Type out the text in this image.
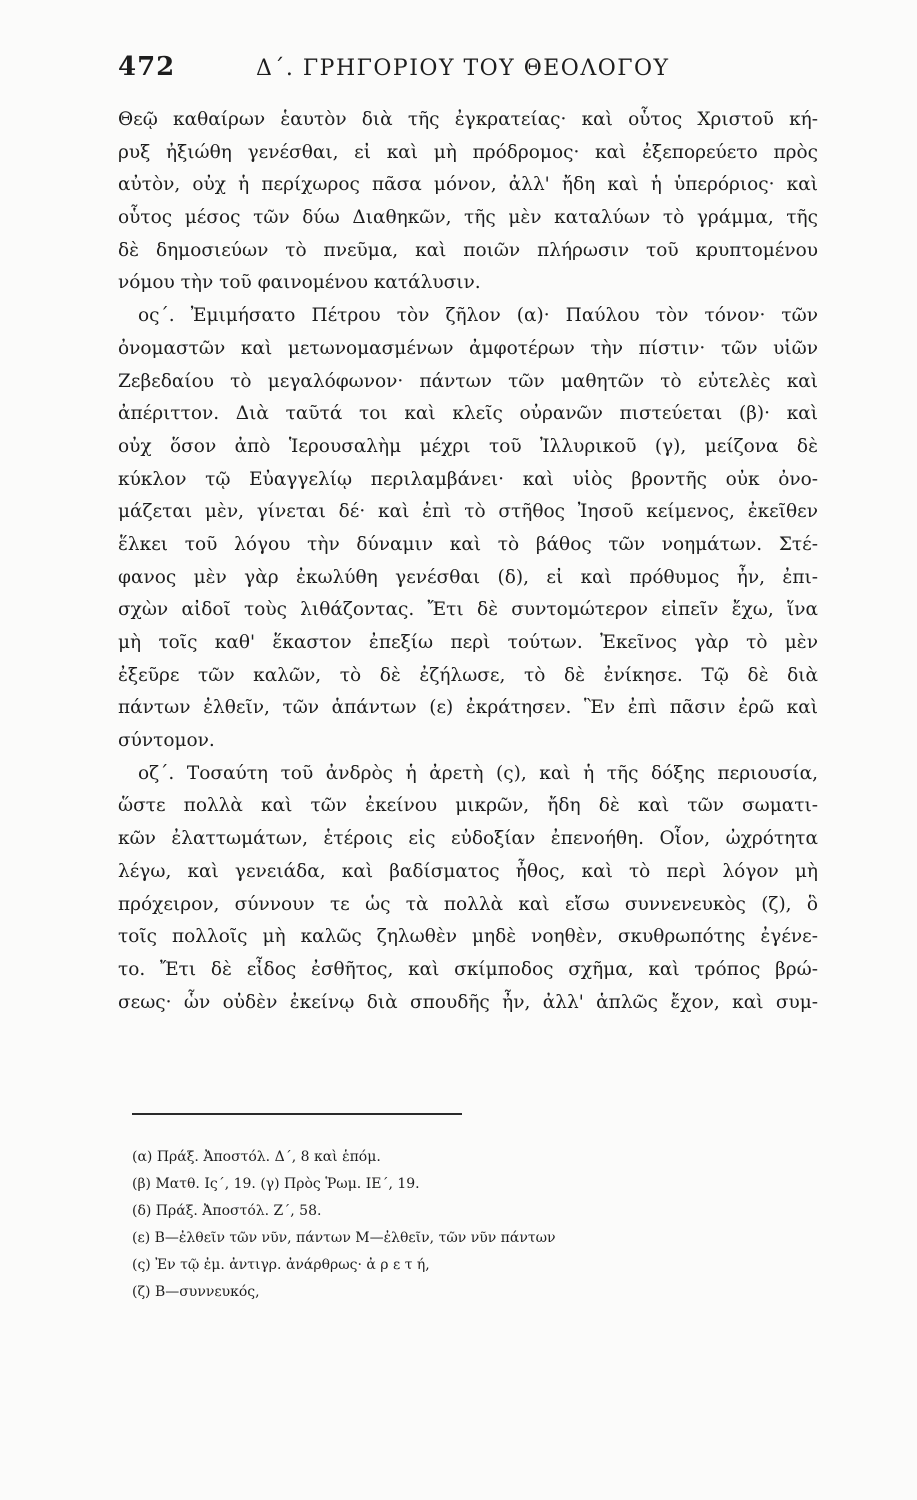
472	Δ΄. ΓΡΗΓΟΡΙΟΥ ΤΟΥ ΘΕΟΛΟΓΟΥ
Θεῷ καθαίρων ἑαυτὸν διὰ τῆς ἐγκρατείας· καὶ οὗτος Χριστοῦ κή-
ρυξ ἠξιώθη γενέσθαι, εἰ καὶ μὴ πρόδρομος· καὶ ἐξεπορεύετο πρὸς
αὐτὸν, οὐχ ἡ περίχωρος πᾶσα μόνον, ἀλλ' ἤδη καὶ ἡ ὑπερόριος· καὶ
οὗτος μέσος τῶν δύω Διαθηκῶν, τῆς μὲν καταλύων τὸ γράμμα, τῆς
δὲ δημοσιεύων τὸ πνεῦμα, καὶ ποιῶν πλήρωσιν τοῦ κρυπτομένου
νόμου τὴν τοῦ φαινομένου κατάλυσιν.
ος΄. Ἐμιμήσατο Πέτρου τὸν ζῆλον (α)· Παύλου τὸν τόνον· τῶν
ὀνομαστῶν καὶ μετωνομασμένων ἀμφοτέρων τὴν πίστιν· τῶν υἱῶν
Ζεβεδαίου τὸ μεγαλόφωνον· πάντων τῶν μαθητῶν τὸ εὐτελὲς καὶ
ἀπέριττον. Διὰ ταῦτά τοι καὶ κλεῖς οὐρανῶν πιστεύεται (β)· καὶ
οὐχ ὅσον ἀπὸ Ἱερουσαλὴμ μέχρι τοῦ Ἰλλυρικοῦ (γ), μείζονα δὲ
κύκλον τῷ Εὐαγγελίῳ περιλαμβάνει· καὶ υἱὸς βροντῆς οὐκ ὀνο-
μάζεται μὲν, γίνεται δέ· καὶ ἐπὶ τὸ στῆθος Ἰησοῦ κείμενος, ἐκεῖθεν
ἕλκει τοῦ λόγου τὴν δύναμιν καὶ τὸ βάθος τῶν νοημάτων. Στέ-
φανος μὲν γὰρ ἐκωλύθη γενέσθαι (δ), εἰ καὶ πρόθυμος ἦν, ἐπι-
σχὼν αἰδοῖ τοὺς λιθάζοντας. Ἔτι δὲ συντομώτερον εἰπεῖν ἔχω, ἵνα
μὴ τοῖς καθ' ἕκαστον ἐπεξίω περὶ τούτων. Ἐκεῖνος γὰρ τὸ μὲν
ἐξεῦρε τῶν καλῶν, τὸ δὲ ἐζήλωσε, τὸ δὲ ἐνίκησε. Τῷ δὲ διὰ
πάντων ἐλθεῖν, τῶν ἁπάντων (ε) ἐκράτησεν. Ἓν ἐπὶ πᾶσιν ἐρῶ καὶ
σύντομον.
οζ΄. Τοσαύτη τοῦ ἀνδρὸς ἡ ἀρετὴ (ς), καὶ ἡ τῆς δόξης περιουσία,
ὥστε πολλὰ καὶ τῶν ἐκείνου μικρῶν, ἤδη δὲ καὶ τῶν σωματι-
κῶν ἐλαττωμάτων, ἑτέροις εἰς εὐδοξίαν ἐπενοήθη. Οἷον, ὠχρότητα
λέγω, καὶ γενειάδα, καὶ βαδίσματος ἦθος, καὶ τὸ περὶ λόγον μὴ
πρόχειρον, σύννουν τε ὡς τὰ πολλὰ καὶ εἴσω συννενευκὸς (ζ), ὃ
τοῖς πολλοῖς μὴ καλῶς ζηλωθὲν μηδὲ νοηθὲν, σκυθρωπότης ἐγένε-
το. Ἔτι δὲ εἶδος ἐσθῆτος, καὶ σκίμποδος σχῆμα, καὶ τρόπος βρώ-
σεως· ὧν οὐδὲν ἐκείνῳ διὰ σπουδῆς ἦν, ἀλλ' ἁπλῶς ἔχον, καὶ συμ-
(α) Πράξ. Ἀποστόλ. Δ΄, 8 καὶ ἑπόμ.
(β) Ματθ. Ις΄, 19. (γ) Πρὸς Ῥωμ. ΙΕ΄, 19.
(δ) Πράξ. Ἀποστόλ. Ζ΄, 58.
(ε) Β—ἐλθεῖν τῶν νῦν, πάντων Μ—ἐλθεῖν, τῶν νῦν πάντων
(ς) Ἐν τῷ ἐμ. ἀντιγρ. ἀνάρθρως· ἀ ρ ε τ ή,
(ζ) Β—συννευκός,
